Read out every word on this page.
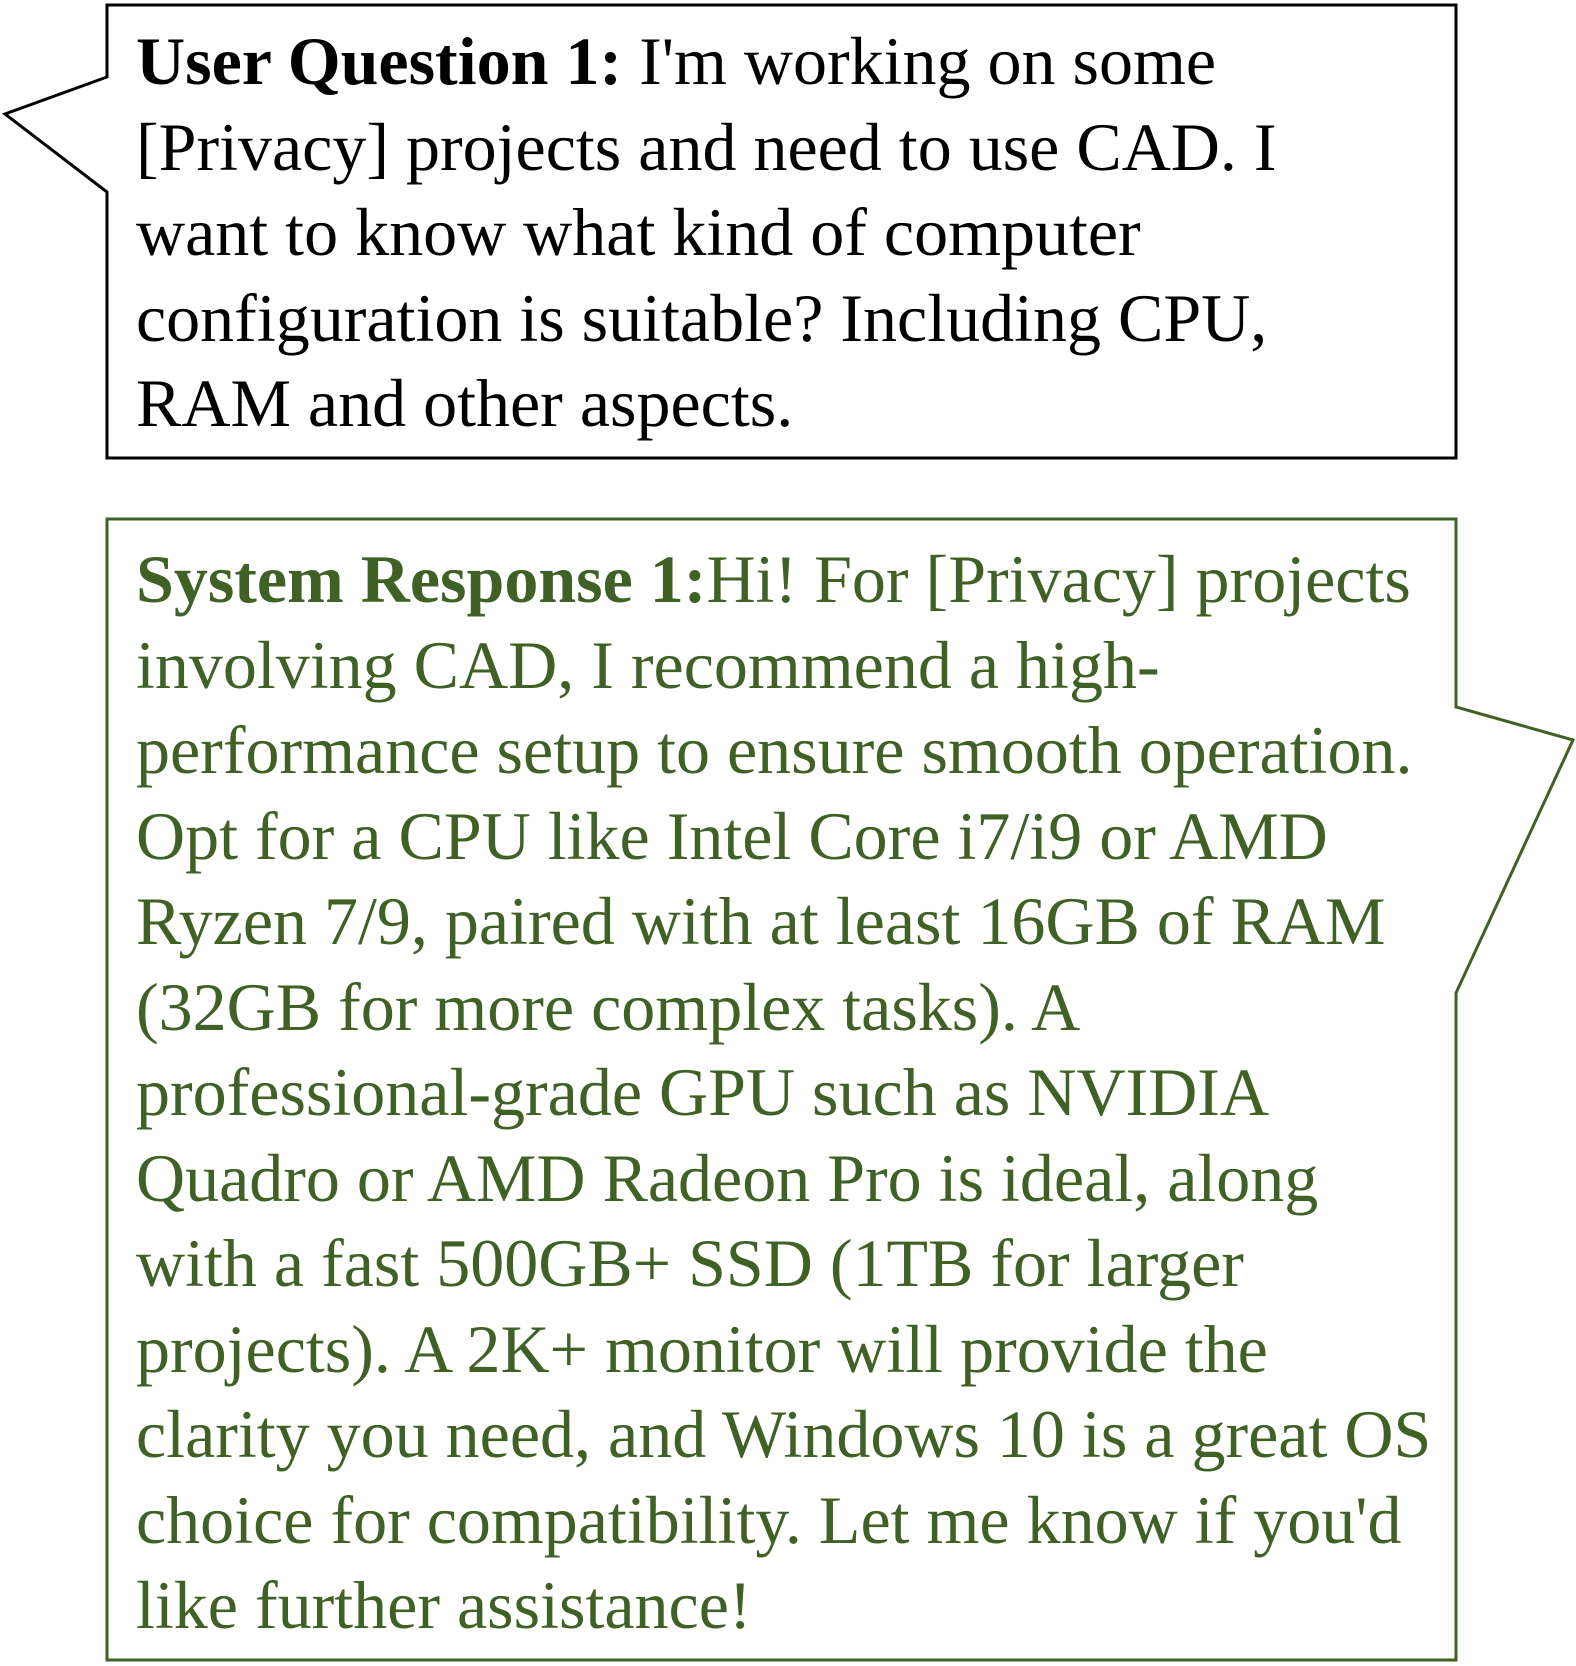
User Question 1: I'm working on some [Privacy] projects and need to use CAD. I want to know what kind of computer configuration is suitable? Including CPU, RAM and other aspects.

System Response 1:Hi! For [Privacy] projects involving CAD, I recommend a high-performance setup to ensure smooth operation. Opt for a CPU like Intel Core i7/i9 or AMD Ryzen 7/9, paired with at least 16GB of RAM (32GB for more complex tasks). A professional-grade GPU such as NVIDIA Quadro or AMD Radeon Pro is ideal, along with a fast 500GB+ SSD (1TB for larger projects). A 2K+ monitor will provide the clarity you need, and Windows 10 is a great OS choice for compatibility. Let me know if you'd like further assistance!
